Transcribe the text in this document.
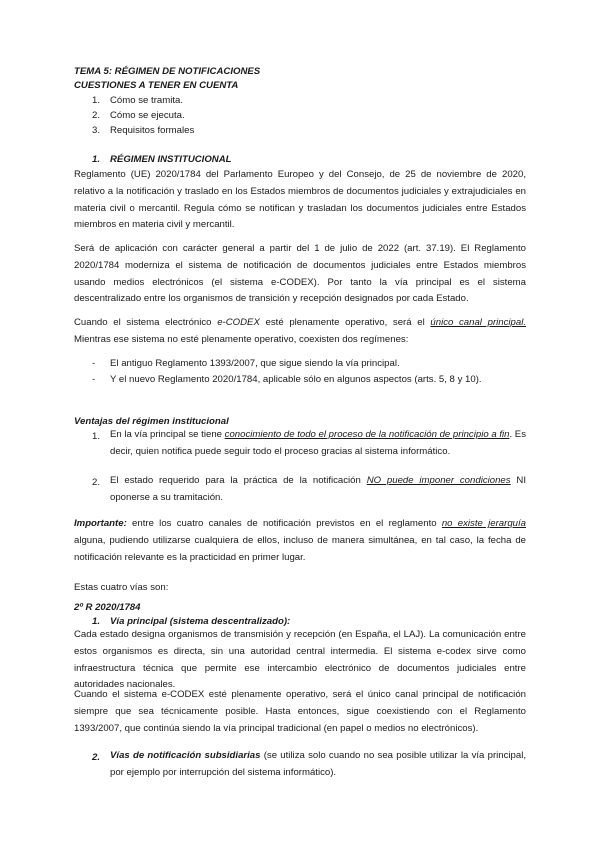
TEMA 5: RÉGIMEN DE NOTIFICACIONES
CUESTIONES A TENER EN CUENTA
1. Cómo se tramita.
2. Cómo se ejecuta.
3. Requisitos formales
1. RÉGIMEN INSTITUCIONAL
Reglamento (UE) 2020/1784 del Parlamento Europeo y del Consejo, de 25 de noviembre de 2020, relativo a la notificación y traslado en los Estados miembros de documentos judiciales y extrajudiciales en materia civil o mercantil. Regula cómo se notifican y trasladan los documentos judiciales entre Estados miembros en materia civil y mercantil.
Será de aplicación con carácter general a partir del 1 de julio de 2022 (art. 37.19). El Reglamento 2020/1784 moderniza el sistema de notificación de documentos judiciales entre Estados miembros usando medios electrónicos (el sistema e-CODEX). Por tanto la vía principal es el sistema descentralizado entre los organismos de transición y recepción designados por cada Estado.
Cuando el sistema electrónico e-CODEX esté plenamente operativo, será el único canal principal. Mientras ese sistema no esté plenamente operativo, coexisten dos regímenes:
- El antiguo Reglamento 1393/2007, que sigue siendo la vía principal.
- Y el nuevo Reglamento 2020/1784, aplicable sólo en algunos aspectos (arts. 5, 8 y 10).
Ventajas del régimen institucional
1. En la vía principal se tiene conocimiento de todo el proceso de la notificación de principio a fin. Es decir, quien notifica puede seguir todo el proceso gracias al sistema informático.
2. El estado requerido para la práctica de la notificación NO puede imponer condiciones NI oponerse a su tramitación.
Importante: entre los cuatro canales de notificación previstos en el reglamento no existe jerarquía alguna, pudiendo utilizarse cualquiera de ellos, incluso de manera simultánea, en tal caso, la fecha de notificación relevante es la practicidad en primer lugar.
Estas cuatro vías son:
2º R 2020/1784
1. Vía principal (sistema descentralizado):
Cada estado designa organismos de transmisión y recepción (en España, el LAJ). La comunicación entre estos organismos es directa, sin una autoridad central intermedia. El sistema e-codex sirve como infraestructura técnica que permite ese intercambio electrónico de documentos judiciales entre autoridades nacionales.
Cuando el sistema e-CODEX esté plenamente operativo, será el único canal principal de notificación siempre que sea técnicamente posible. Hasta entonces, sigue coexistiendo con el Reglamento 1393/2007, que continúa siendo la vía principal tradicional (en papel o medios no electrónicos).
2. Vías de notificación subsidiarias (se utiliza solo cuando no sea posible utilizar la vía principal, por ejemplo por interrupción del sistema informático).
